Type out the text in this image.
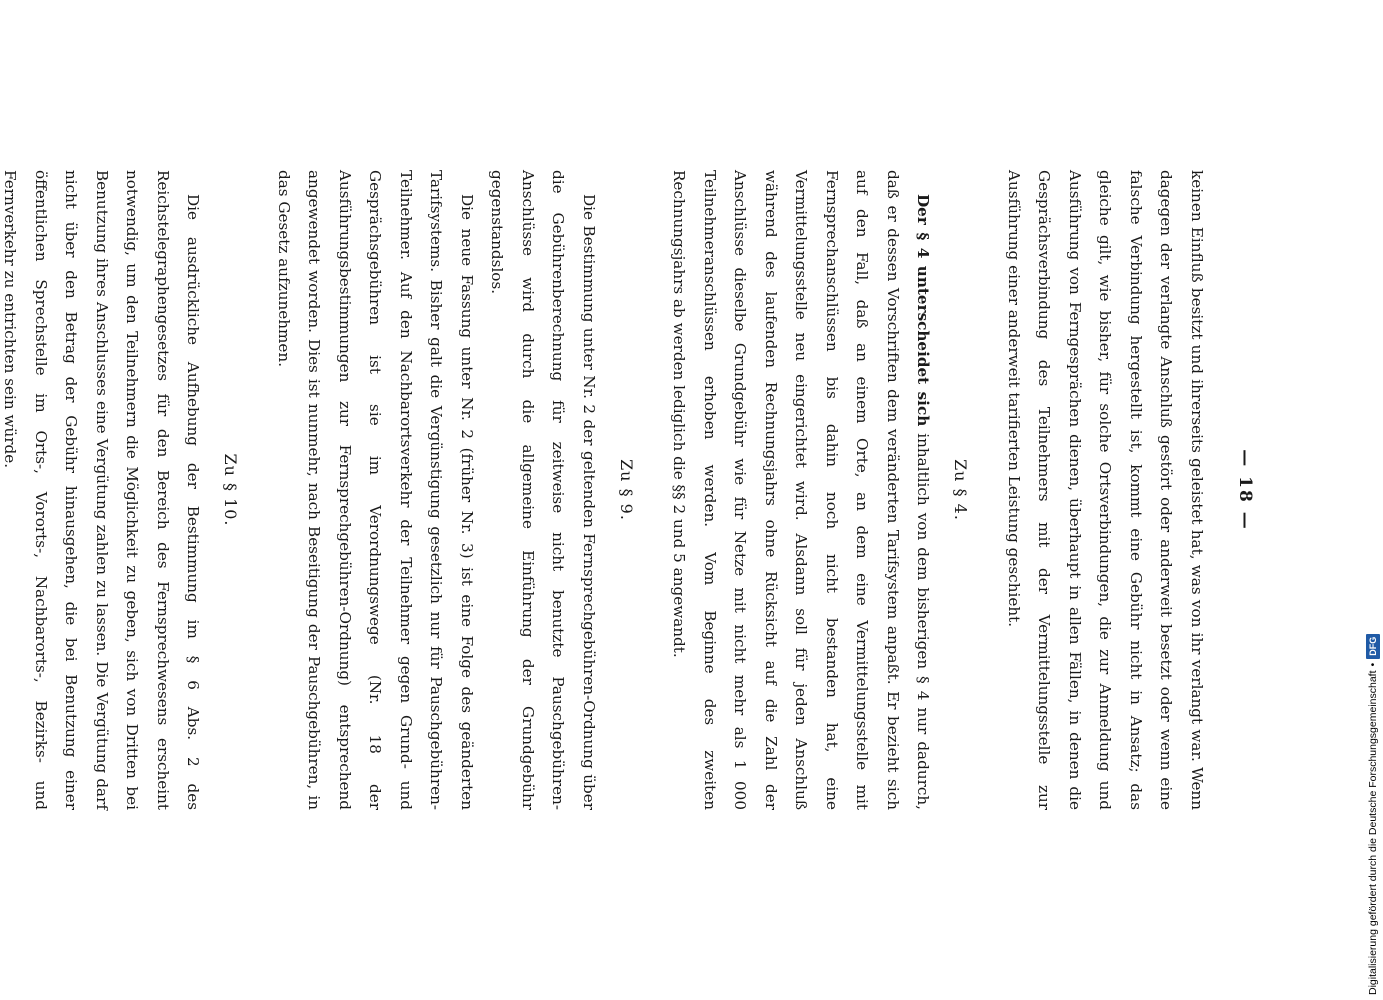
— 18 —

keinen Einfluß besitzt und ihrerseits geleistet hat, was von ihr verlangt war. Wenn dagegen der verlangte Anschluß gestört oder anderweit besetzt oder wenn eine falsche Verbindung hergestellt ist, kommt eine Gebühr nicht in Ansatz; das gleiche gilt, wie bisher, für solche Ortsverbindungen, die zur Anmeldung und Ausführung von Ferngesprächen dienen, überhaupt in allen Fällen, in denen die Gesprächsverbindung des Teilnehmers mit der Vermittelungsstelle zur Ausführung einer anderweit tarifierten Leistung geschieht.

Zu § 4.

Der § 4 unterscheidet sich inhaltlich von dem bisherigen § 4 nur dadurch, daß er dessen Vorschriften dem veränderten Tarifsystem anpaßt. Er bezieht sich auf den Fall, daß an einem Orte, an dem eine Vermittelungsstelle mit Fernsprechanschlüssen bis dahin noch nicht bestanden hat, eine Vermittelungsstelle neu eingerichtet wird. Alsdann soll für jeden Anschluß während des laufenden Rechnungsjahrs ohne Rücksicht auf die Zahl der Anschlüsse dieselbe Grundgebühr wie für Netze mit nicht mehr als 1 000 Teilnehmeranschlüssen erhoben werden. Vom Beginne des zweiten Rechnungsjahrs ab werden lediglich die §§ 2 und 5 angewandt.

Zu § 9.

Die Bestimmung unter Nr. 2 der geltenden Fernsprechgebühren-Ordnung über die Gebührenberechnung für zeitweise nicht benutzte Pauschgebühren-Anschlüsse wird durch die allgemeine Einführung der Grundgebühr gegenstandslos.

Die neue Fassung unter Nr. 2 (früher Nr. 3) ist eine Folge des geänderten Tarifsystems. Bisher galt die Vergünstigung gesetzlich nur für Pauschgebühren-Teilnehmer. Auf den Nachbarortsverkehr der Teilnehmer gegen Grund- und Gesprächsgebühren ist sie im Verordnungswege (Nr. 18 der Ausführungsbestimmungen zur Fernsprechgebühren-Ordnung) entsprechend angewendet worden. Dies ist nunmehr, nach Beseitigung der Pauschgebühren, in das Gesetz aufzunehmen.

Zu § 10.

Die ausdrückliche Aufhebung der Bestimmung im § 6 Abs. 2 des Reichstelegraphengesetzes für den Bereich des Fernsprechwesens erscheint notwendig, um den Teilnehmern die Möglichkeit zu geben, sich von Dritten bei Benutzung ihres Anschlusses eine Vergütung zahlen zu lassen. Die Vergütung darf nicht über den Betrag der Gebühr hinausgehen, die bei Benutzung einer öffentlichen Sprechstelle im Orts-, Vororts-, Nachbarorts-, Bezirks- und Fernverkehr zu entrichten sein würde.

Digitalisierung gefördert durch die Deutsche Forschungsgemeinschaft
•
DFG
